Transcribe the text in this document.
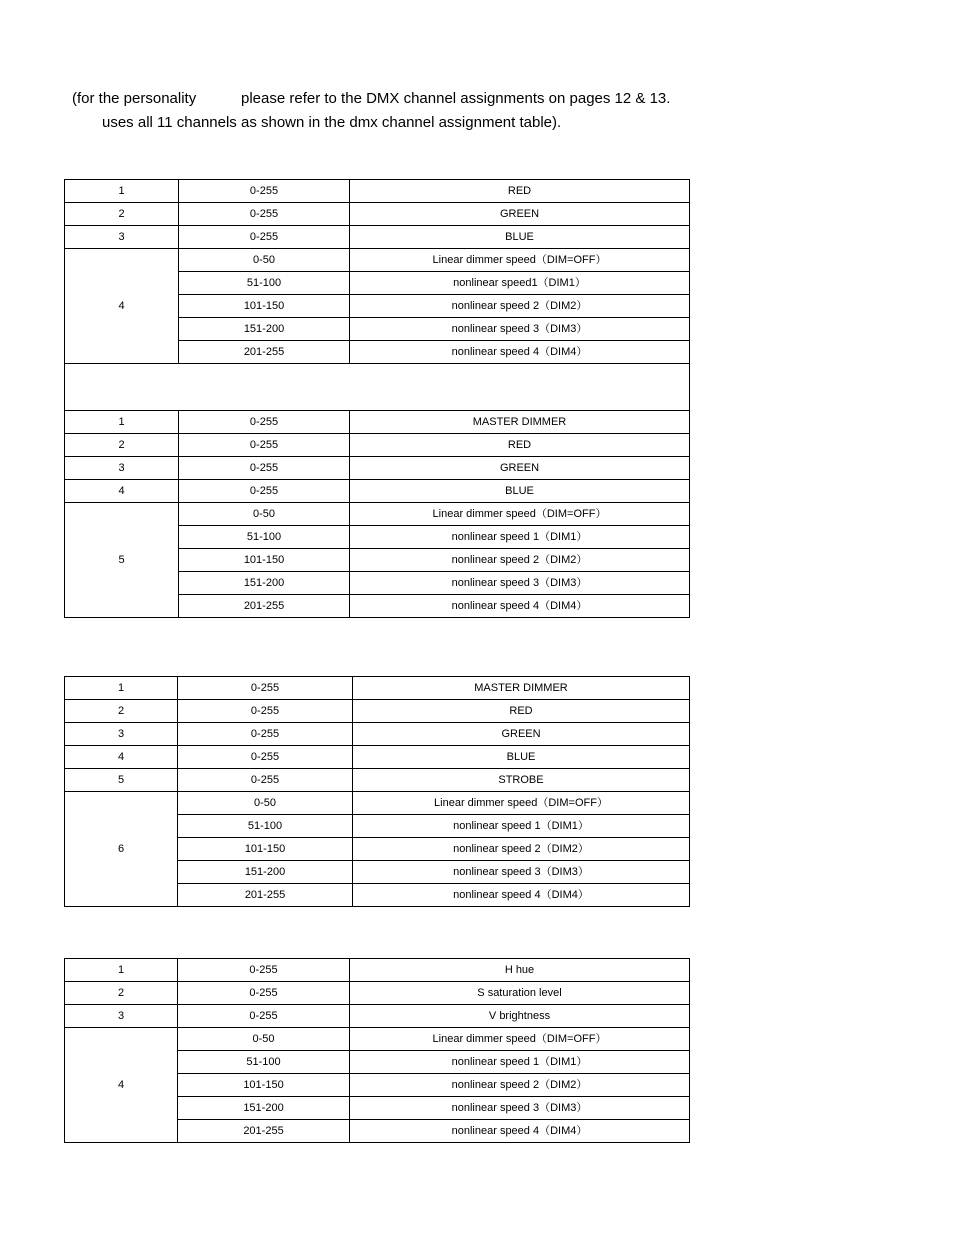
(for the personality	please refer to the DMX channel assignments on pages 12 & 13.
uses all 11 channels as shown in the dmx channel assignment table).
1	0-255	RED
2	0-255	GREEN
3	0-255	BLUE
4	0-50	Linear dimmer speed（DIM=OFF）
	51-100	nonlinear speed1（DIM1）
	101-150	nonlinear speed 2（DIM2）
	151-200	nonlinear speed 3（DIM3）
	201-255	nonlinear speed 4（DIM4）

1	0-255	MASTER DIMMER
2	0-255	RED
3	0-255	GREEN
4	0-255	BLUE
5	0-50	Linear dimmer speed（DIM=OFF）
	51-100	nonlinear speed 1（DIM1）
	101-150	nonlinear speed 2（DIM2）
	151-200	nonlinear speed 3（DIM3）
	201-255	nonlinear speed 4（DIM4）
1	0-255	MASTER DIMMER
2	0-255	RED
3	0-255	GREEN
4	0-255	BLUE
5	0-255	STROBE
6	0-50	Linear dimmer speed（DIM=OFF）
	51-100	nonlinear speed 1（DIM1）
	101-150	nonlinear speed 2（DIM2）
	151-200	nonlinear speed 3（DIM3）
	201-255	nonlinear speed 4（DIM4）
1	0-255	H hue
2	0-255	S saturation level
3	0-255	V brightness
4	0-50	Linear dimmer speed（DIM=OFF）
	51-100	nonlinear speed 1（DIM1）
	101-150	nonlinear speed 2（DIM2）
	151-200	nonlinear speed 3（DIM3）
	201-255	nonlinear speed 4（DIM4）
